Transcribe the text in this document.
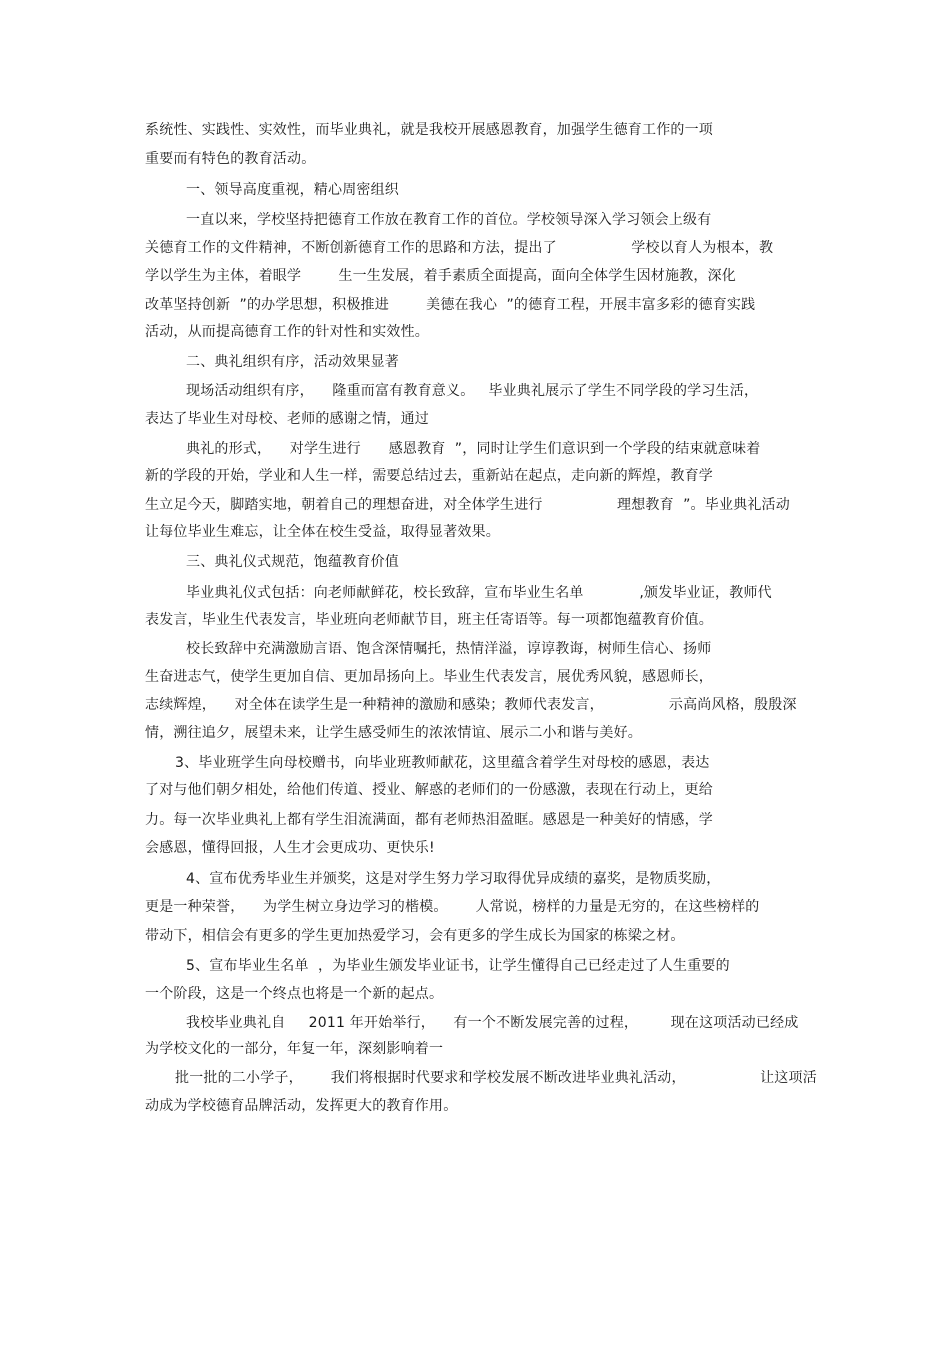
系统性、实践性、实效性，而毕业典礼，就是我校开展感恩教育，加强学生德育工作的一项
重要而有特色的教育活动。
一、领导高度重视，精心周密组织
一直以来，学校坚持把德育工作放在教育工作的首位。学校领导深入学习领会上级有
关德育工作的文件精神，不断创新德育工作的思路和方法，提出了                学校以育人为根本，教
学以学生为主体，着眼学        生一生发展，着手素质全面提高，面向全体学生因材施教，深化
改革坚持创新  ”的办学思想，积极推进        美德在我心  ”的德育工程，开展丰富多彩的德育实践
活动，从而提高德育工作的针对性和实效性。
二、典礼组织有序，活动效果显著
现场活动组织有序，    隆重而富有教育意义。   毕业典礼展示了学生不同学段的学习生活，
表达了毕业生对母校、老师的感谢之情，通过
典礼的形式，    对学生进行      感恩教育  ”，同时让学生们意识到一个学段的结束就意味着
新的学段的开始，学业和人生一样，需要总结过去，重新站在起点，走向新的辉煌，教育学
生立足今天，脚踏实地，朝着自己的理想奋进，对全体学生进行                理想教育  ”。毕业典礼活动
让每位毕业生难忘，让全体在校生受益，取得显著效果。
三、典礼仪式规范，饱蕴教育价值
毕业典礼仪式包括：向老师献鲜花，校长致辞，宣布毕业生名单            ,颁发毕业证，教师代
表发言，毕业生代表发言，毕业班向老师献节目，班主任寄语等。每一项都饱蕴教育价值。
校长致辞中充满激励言语、饱含深情嘱托，热情洋溢，谆谆教诲，树师生信心、扬师
生奋进志气，使学生更加自信、更加昂扬向上。毕业生代表发言，展优秀风貌，感恩师长，
志续辉煌，    对全体在读学生是一种精神的激励和感染；教师代表发言，              示高尚风格，殷殷深
情，溯往追夕，展望未来，让学生感受师生的浓浓情谊、展示二小和谐与美好。
3、毕业班学生向母校赠书，向毕业班教师献花，这里蕴含着学生对母校的感恩，表达
了对与他们朝夕相处，给他们传道、授业、解惑的老师们的一份感激，表现在行动上，更给
力。每一次毕业典礼上都有学生泪流满面，都有老师热泪盈眶。感恩是一种美好的情感，学
会感恩，懂得回报，人生才会更成功、更快乐!
4、宣布优秀毕业生并颁奖，这是对学生努力学习取得优异成绩的嘉奖，是物质奖励，
更是一种荣誉，    为学生树立身边学习的楷模。      人常说，榜样的力量是无穷的，在这些榜样的
带动下，相信会有更多的学生更加热爱学习，会有更多的学生成长为国家的栋梁之材。
5、宣布毕业生名单  ，为毕业生颁发毕业证书，让学生懂得自己已经走过了人生重要的
一个阶段，这是一个终点也将是一个新的起点。
我校毕业典礼自     2011 年开始举行，    有一个不断发展完善的过程，       现在这项活动已经成
为学校文化的一部分，年复一年，深刻影响着一
批一批的二小学子，      我们将根据时代要求和学校发展不断改进毕业典礼活动，                让这项活
动成为学校德育品牌活动，发挥更大的教育作用。
